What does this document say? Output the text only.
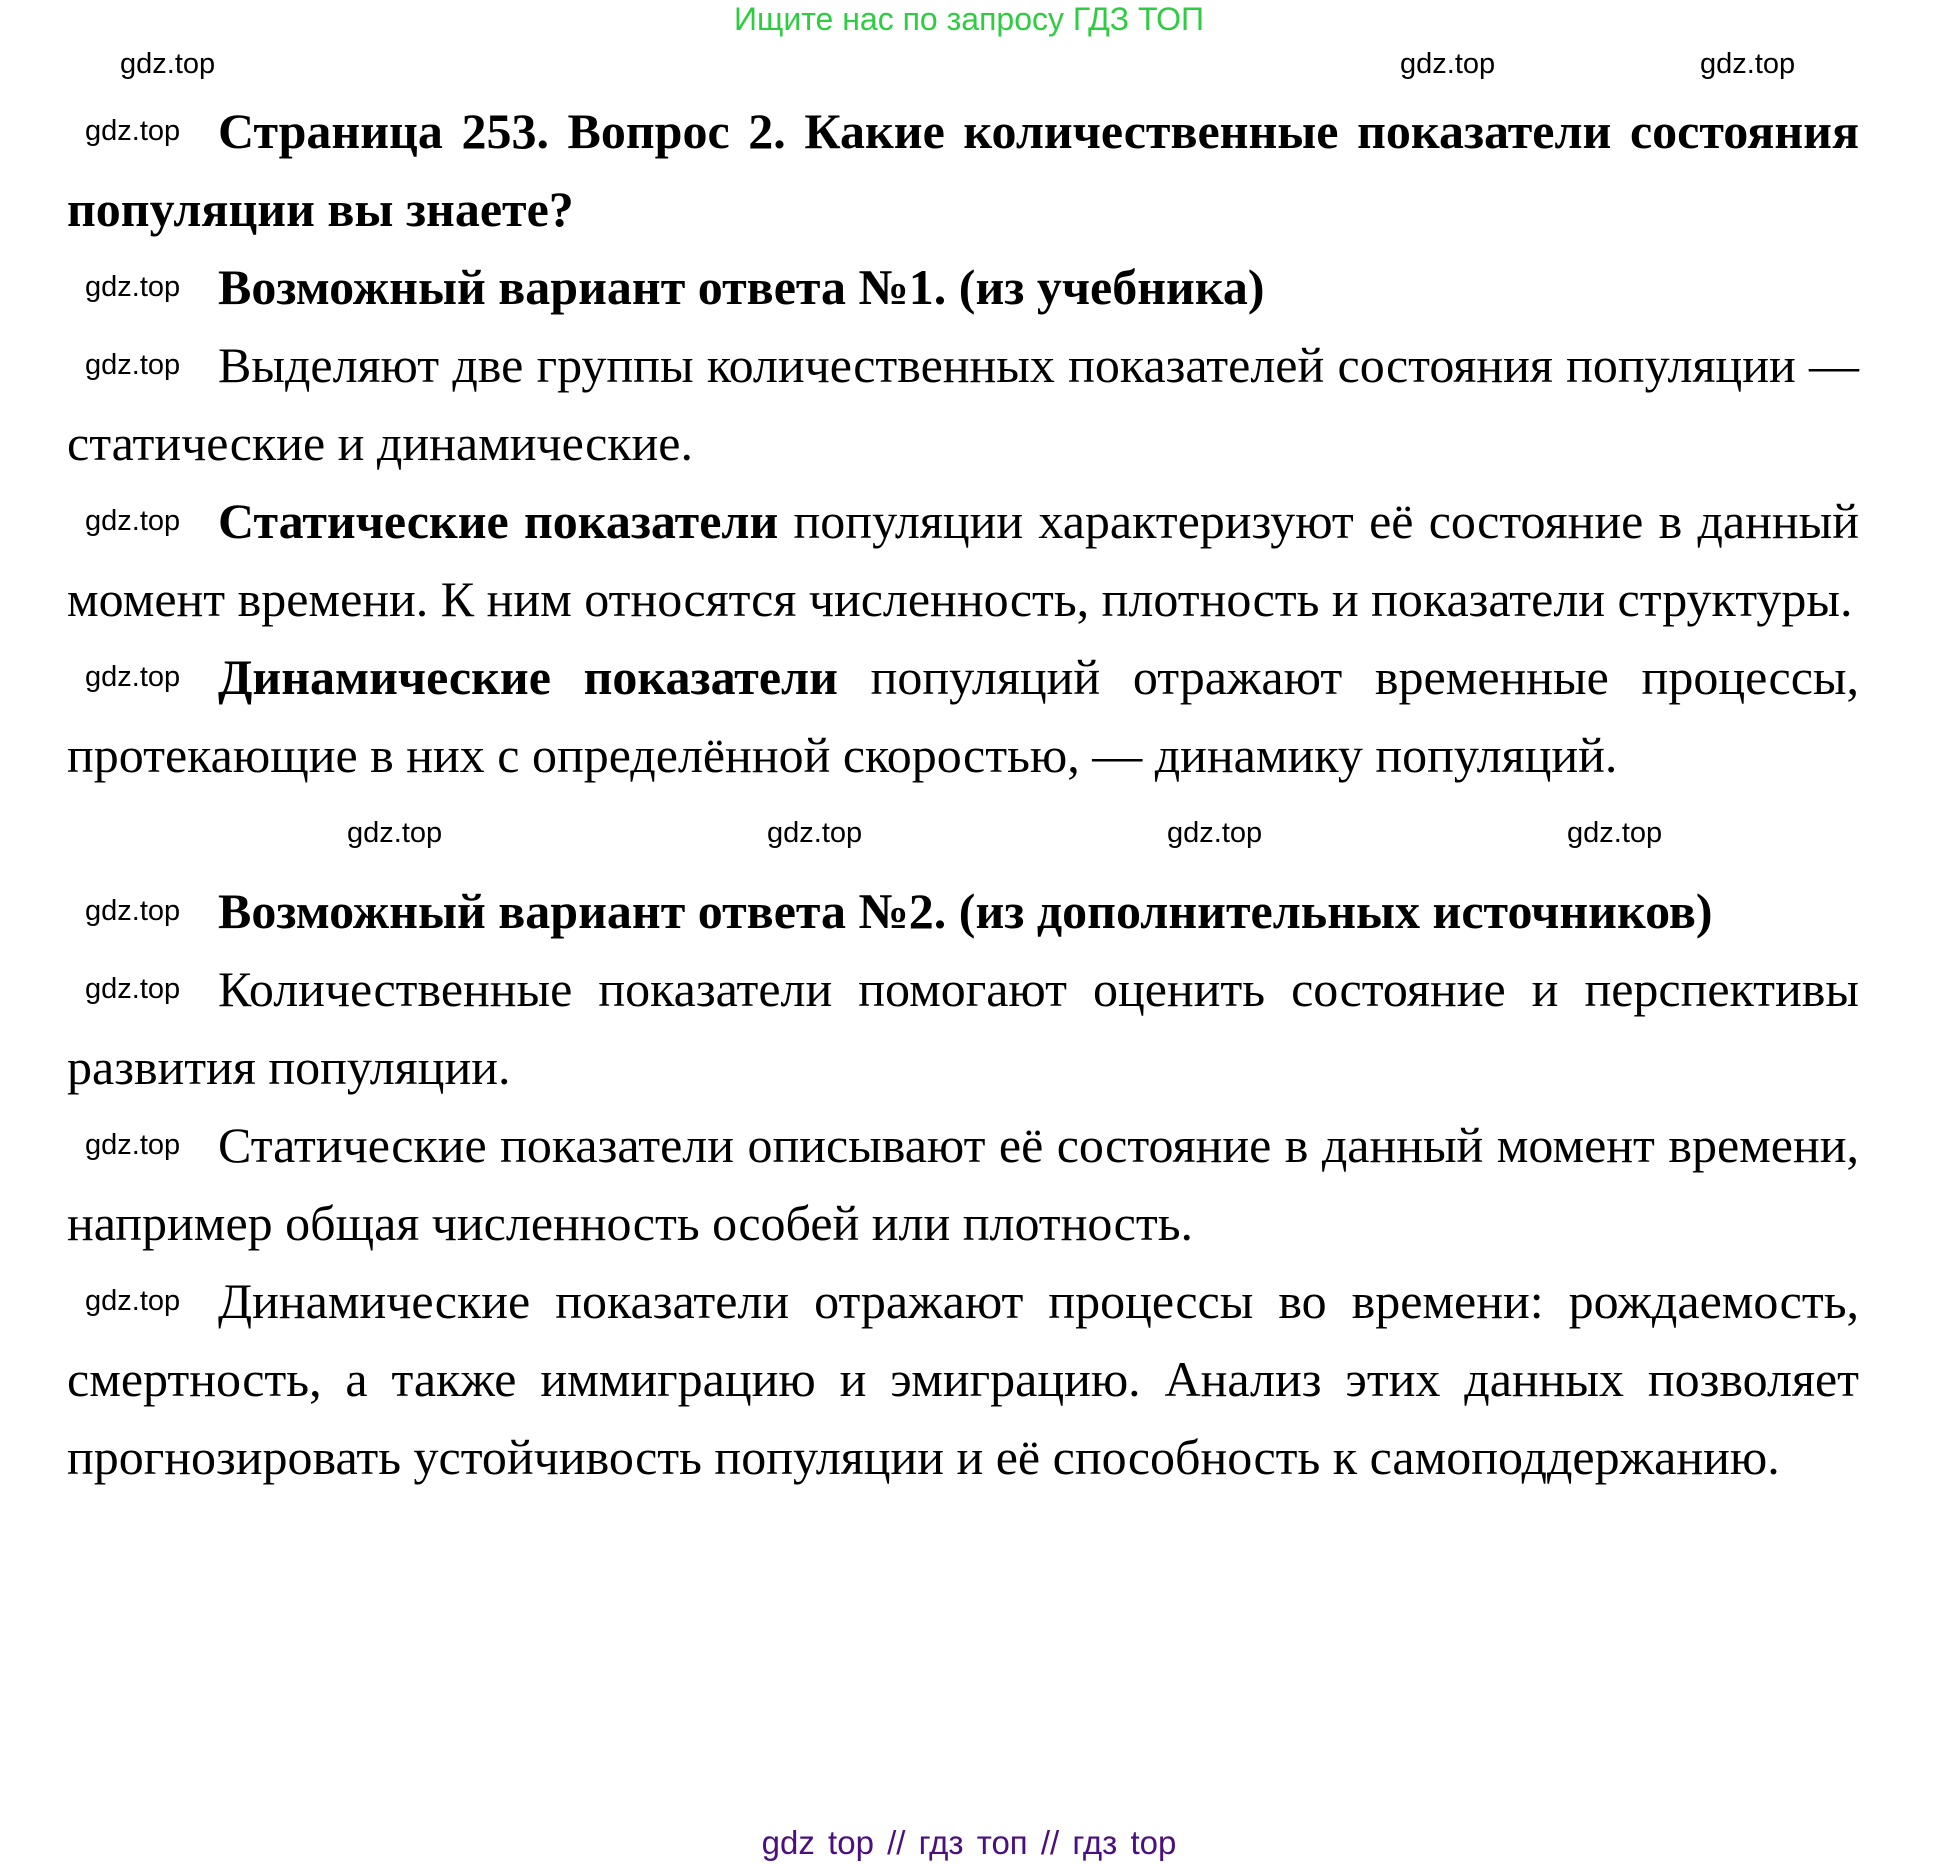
Ищите нас по запросу ГДЗ ТОП
gdz.top	gdz.top	gdz.top

Страница 253. Вопрос 2. Какие количественные показатели состояния популяции вы знаете?
gdz.top

Возможный вариант ответа №1. (из учебника)
gdz.top

Выделяют две группы количественных показателей состояния популяции — статические и динамические.
gdz.top

Статические показатели популяции характеризуют её состояние в данный момент времени. К ним относятся численность, плотность и показатели структуры.
gdz.top

Динамические показатели популяций отражают временные процессы, протекающие в них с определённой скоростью, — динамику популяций.
gdz.top

gdz.top	gdz.top	gdz.top	gdz.top

Возможный вариант ответа №2. (из дополнительных источников)
gdz.top

Количественные показатели помогают оценить состояние и перспективы развития популяции.
gdz.top

Статические показатели описывают её состояние в данный момент времени, например общая численность особей или плотность.
gdz.top

Динамические показатели отражают процессы во времени: рождаемость, смертность, а также иммиграцию и эмиграцию. Анализ этих данных позволяет прогнозировать устойчивость популяции и её способность к самоподдержанию.
gdz.top

gdz top // гдз топ // гдз top
